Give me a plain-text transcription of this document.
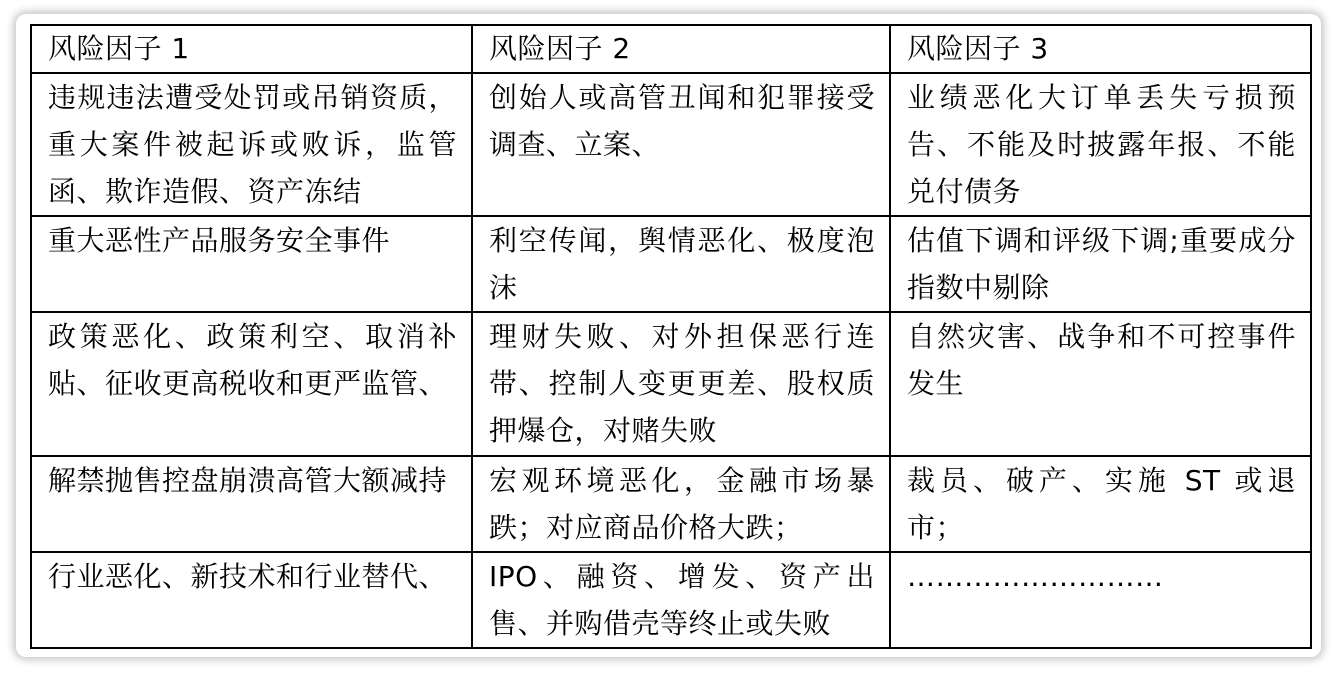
风险因子 1	风险因子 2	风险因子 3
违规违法遭受处罚或吊销资质，重大案件被起诉或败诉，监管函、欺诈造假、资产冻结	创始人或高管丑闻和犯罪接受调查、立案、	业绩恶化大订单丢失亏损预告、不能及时披露年报、不能兑付债务
重大恶性产品服务安全事件	利空传闻，舆情恶化、极度泡沫	估值下调和评级下调;重要成分指数中剔除
政策恶化、政策利空、取消补贴、征收更高税收和更严监管、	理财失败、对外担保恶行连带、控制人变更更差、股权质押爆仓，对赌失败	自然灾害、战争和不可控事件发生
解禁抛售控盘崩溃高管大额减持	宏观环境恶化，金融市场暴跌；对应商品价格大跌；	裁员、破产、实施 ST 或退市；
行业恶化、新技术和行业替代、	IPO、融资、增发、资产出售、并购借壳等终止或失败	………………………
